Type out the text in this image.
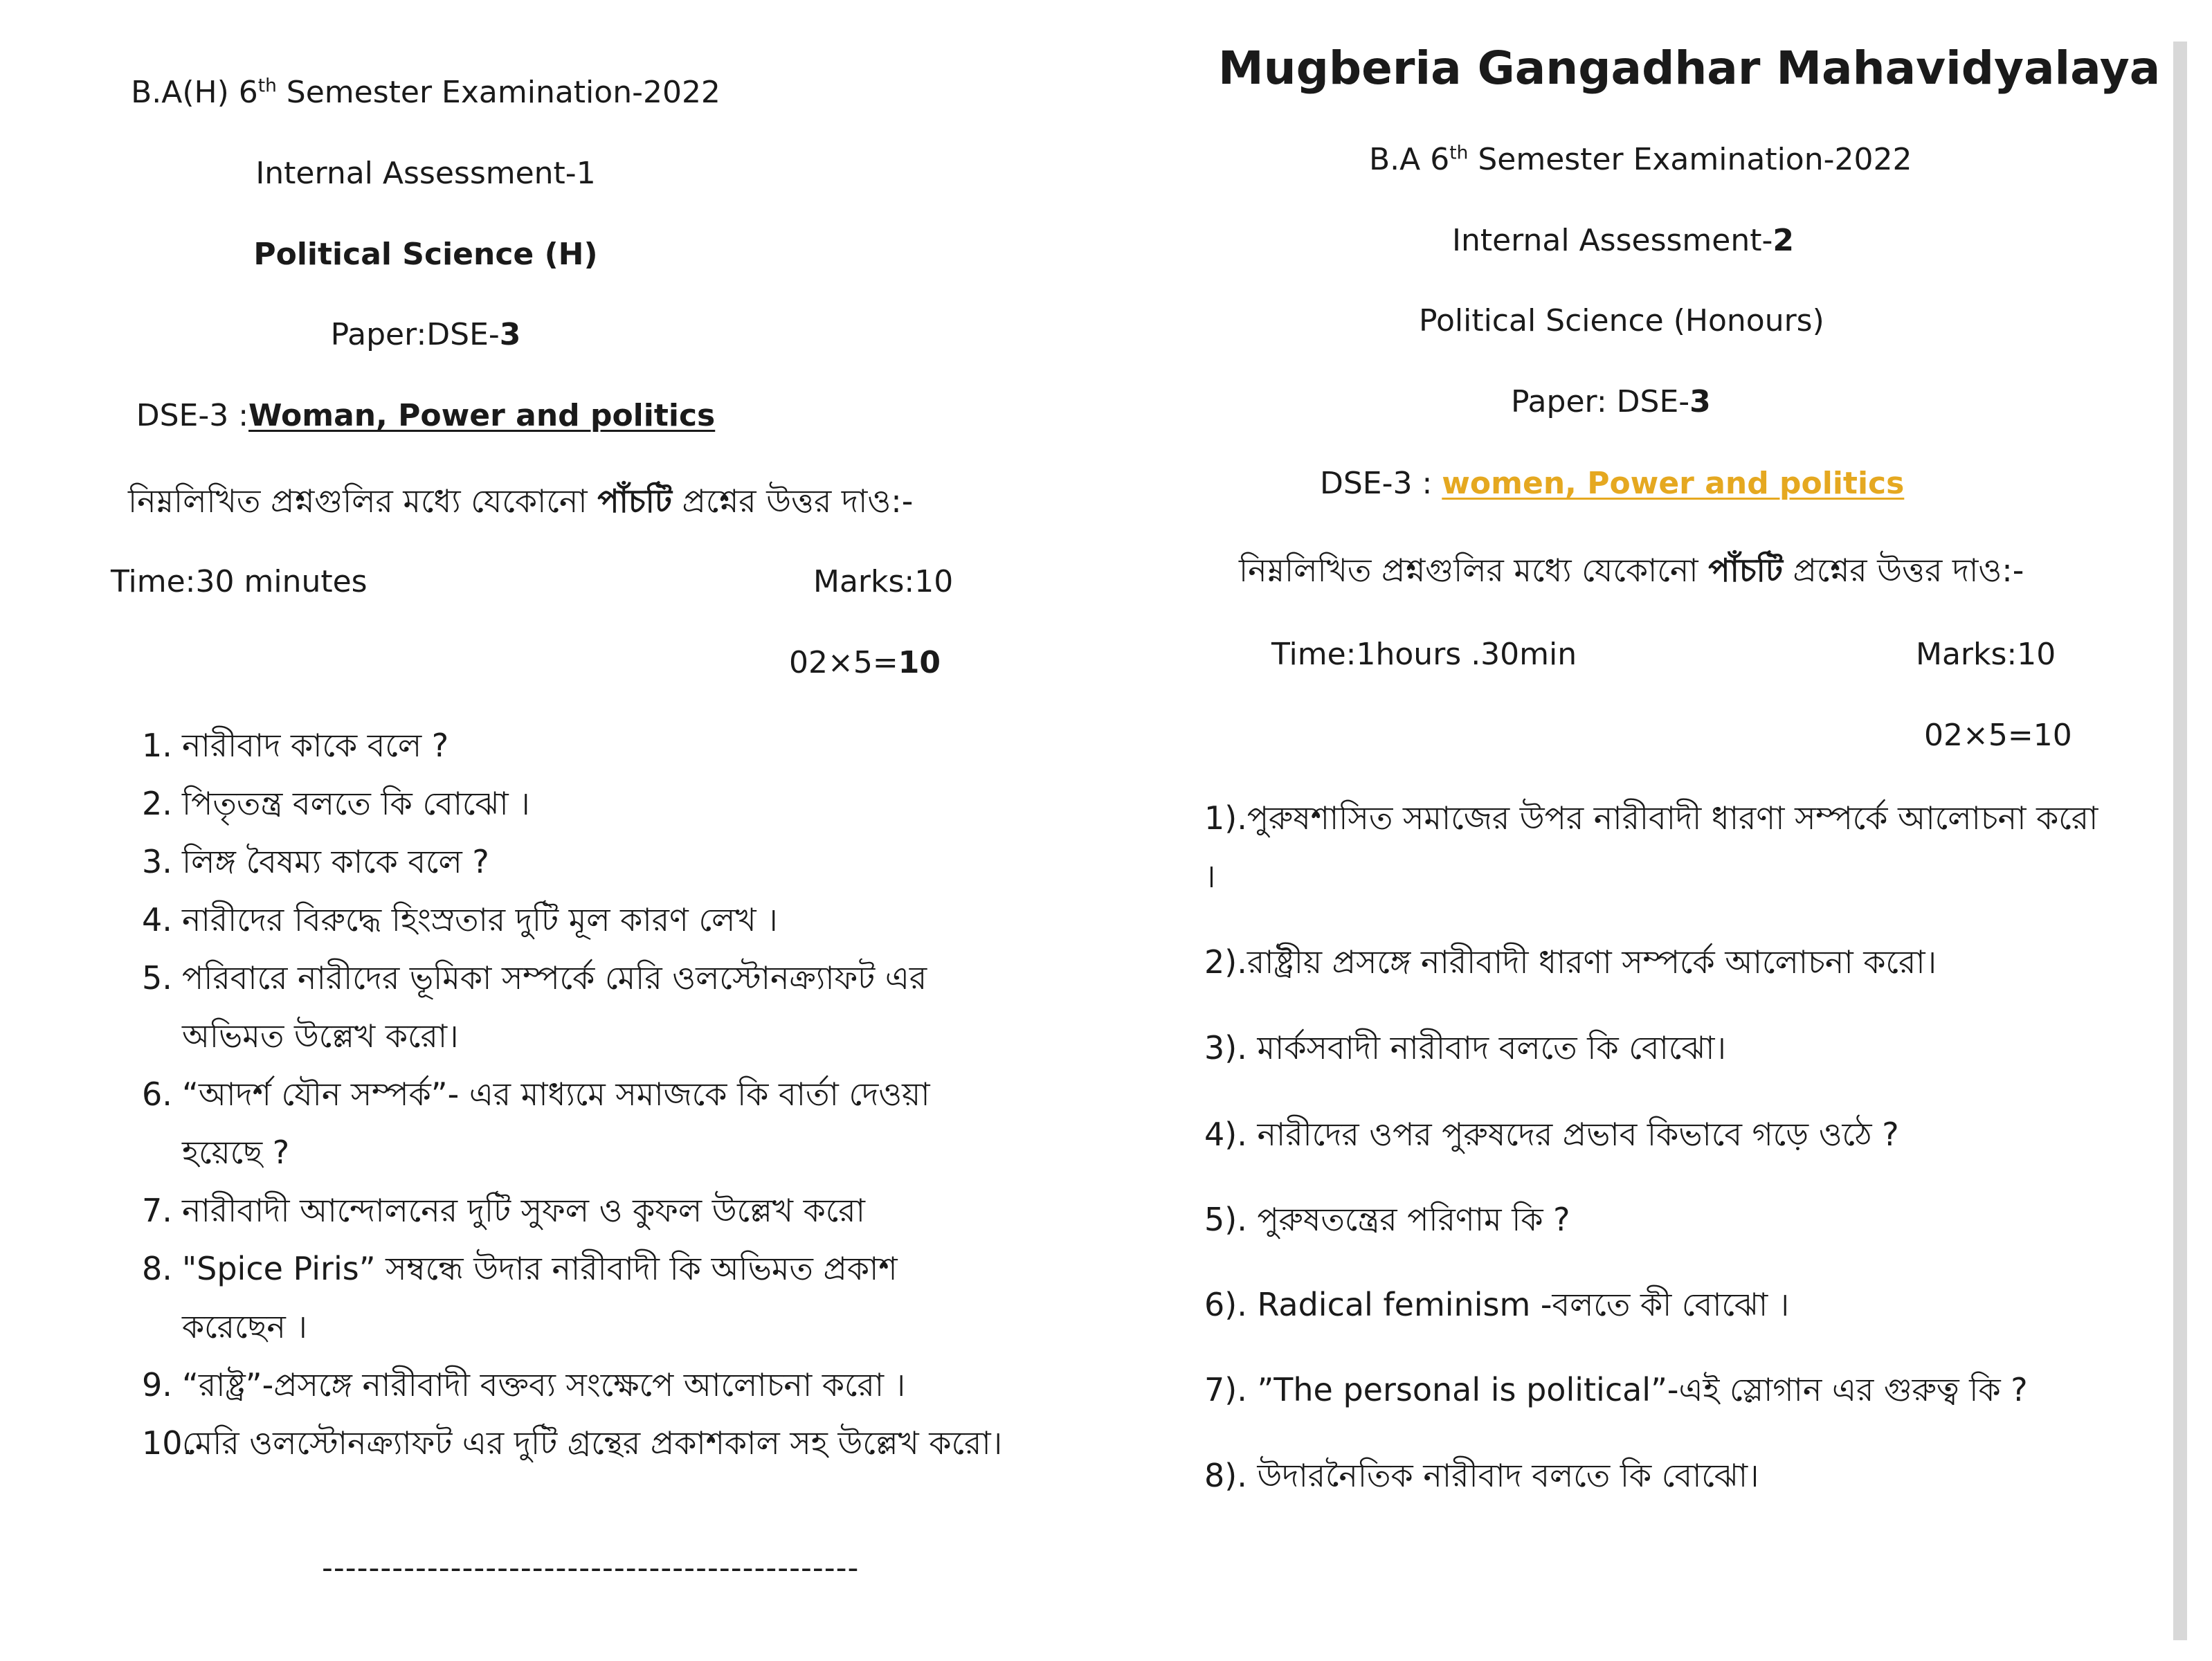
B.A(H) 6th Semester Examination-2022
Internal Assessment-1
Political Science (H)
Paper:DSE-3
DSE-3 :Woman, Power and politics
নিম্নলিখিত প্রশ্নগুলির মধ্যে যেকোনো পাঁচটি প্রশ্নের উত্তর দাও:-
Time:30 minutes	Marks:10
02×5=10
1. নারীবাদ কাকে বলে ?
2. পিতৃতন্ত্র বলতে কি বোঝো ।
3. লিঙ্গ বৈষম্য কাকে বলে ?
4. নারীদের বিরুদ্ধে হিংস্রতার দুটি মূল কারণ লেখ ।
5. পরিবারে নারীদের ভূমিকা সম্পর্কে মেরি ওলস্টোনক্র্যাফট এর অভিমত উল্লেখ করো।
6. “আদর্শ যৌন সম্পর্ক”- এর মাধ্যমে সমাজকে কি বার্তা দেওয়া হয়েছে ?
7. নারীবাদী আন্দোলনের দুটি সুফল ও কুফল উল্লেখ করো
8. "Spice Piris” সম্বন্ধে উদার নারীবাদী কি অভিমত প্রকাশ করেছেন ।
9. “রাষ্ট্র”-প্রসঙ্গে নারীবাদী বক্তব্য সংক্ষেপে আলোচনা করো ।
10.
মেরি ওলস্টোনক্র্যাফট এর দুটি গ্রন্থের প্রকাশকাল সহ উল্লেখ করো।
----------------------------------------------
Mugberia Gangadhar Mahavidyalaya
B.A 6th Semester Examination-2022
Internal Assessment-2
Political Science (Honours)
Paper: DSE-3
DSE-3 : women, Power and politics
নিম্নলিখিত প্রশ্নগুলির মধ্যে যেকোনো পাঁচটি প্রশ্নের উত্তর দাও:-
Time:1hours .30min	Marks:10
02×5=10
1).পুরুষশাসিত সমাজের উপর নারীবাদী ধারণা সম্পর্কে আলোচনা করো ।
2).রাষ্ট্রীয় প্রসঙ্গে নারীবাদী ধারণা সম্পর্কে আলোচনা করো।
3). মার্কসবাদী নারীবাদ বলতে কি বোঝো।
4). নারীদের ওপর পুরুষদের প্রভাব কিভাবে গড়ে ওঠে ?
5). পুরুষতন্ত্রের পরিণাম কি ?
6). Radical feminism -বলতে কী বোঝো ।
7). ”The personal is political”-এই স্লোগান এর গুরুত্ব কি ?
8). উদারনৈতিক নারীবাদ বলতে কি বোঝো।
